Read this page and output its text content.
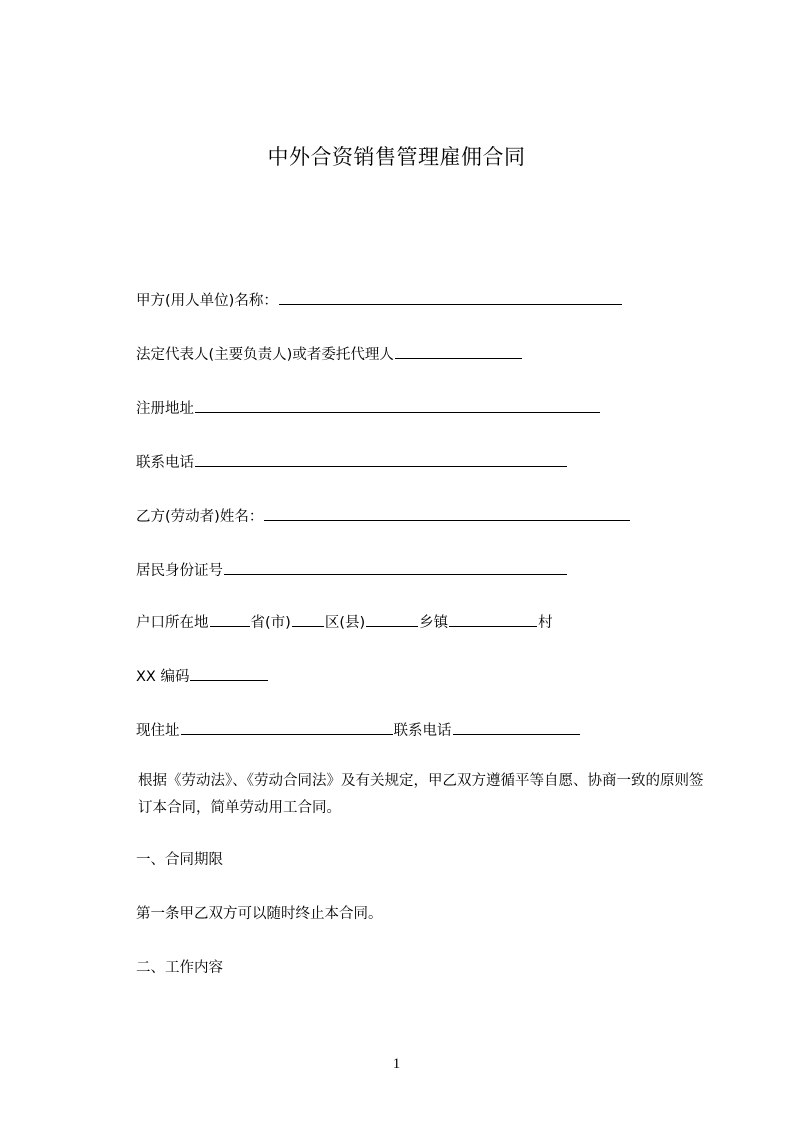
中外合资销售管理雇佣合同
甲方(用人单位)名称：
法定代表人(主要负责人)或者委托代理人
注册地址
联系电话
乙方(劳动者)姓名：
居民身份证号
户口所在地	省(市) 区(县)	乡镇	村
XX 编码
现住址	联系电话
根据《劳动法》、《劳动合同法》及有关规定，甲乙双方遵循平等自愿、协商一致的原则签订本合同，简单劳动用工合同。
一、合同期限
第一条甲乙双方可以随时终止本合同。
二、工作内容
1
